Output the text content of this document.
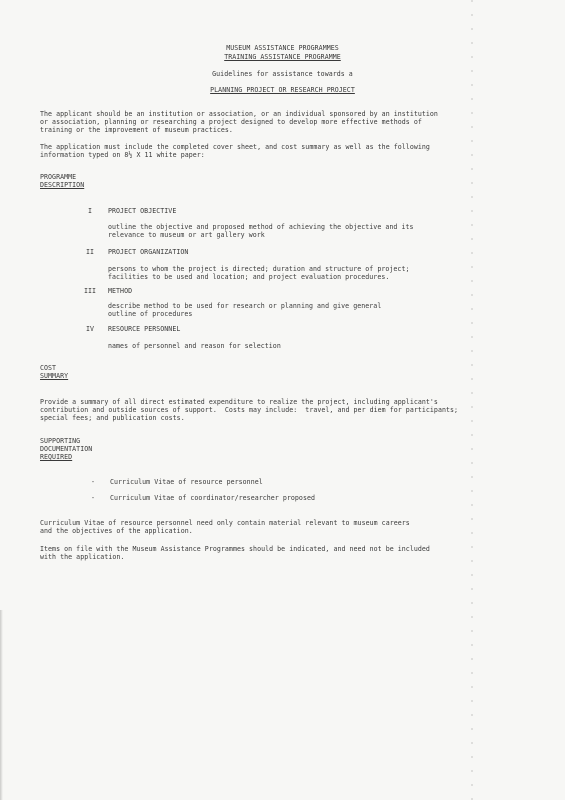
MUSEUM ASSISTANCE PROGRAMMES
TRAINING ASSISTANCE PROGRAMME
Guidelines for assistance towards a
PLANNING PROJECT OR RESEARCH PROJECT
The applicant should be an institution or association, or an individual sponsored by an institution
or association, planning or researching a project designed to develop more effective methods of
training or the improvement of museum practices.
The application must include the completed cover sheet, and cost summary as well as the following
information typed on 8½ X 11 white paper:
PROGRAMME
DESCRIPTION
I PROJECT OBJECTIVE
outline the objective and proposed method of achieving the objective and its
relevance to museum or art gallery work
II PROJECT ORGANIZATION
persons to whom the project is directed; duration and structure of project;
facilities to be used and location; and project evaluation procedures.
III METHOD
describe method to be used for research or planning and give general
outline of procedures
IV RESOURCE PERSONNEL
names of personnel and reason for selection
COST
SUMMARY
Provide a summary of all direct estimated expenditure to realize the project, including applicant's
contribution and outside sources of support.  Costs may include:  travel, and per diem for participants;
special fees; and publication costs.
SUPPORTING
DOCUMENTATION
REQUIRED
- Curriculum Vitae of resource personnel
- Curriculum Vitae of coordinator/researcher proposed
Curriculum Vitae of resource personnel need only contain material relevant to museum careers
and the objectives of the application.
Items on file with the Museum Assistance Programmes should be indicated, and need not be included
with the application.
